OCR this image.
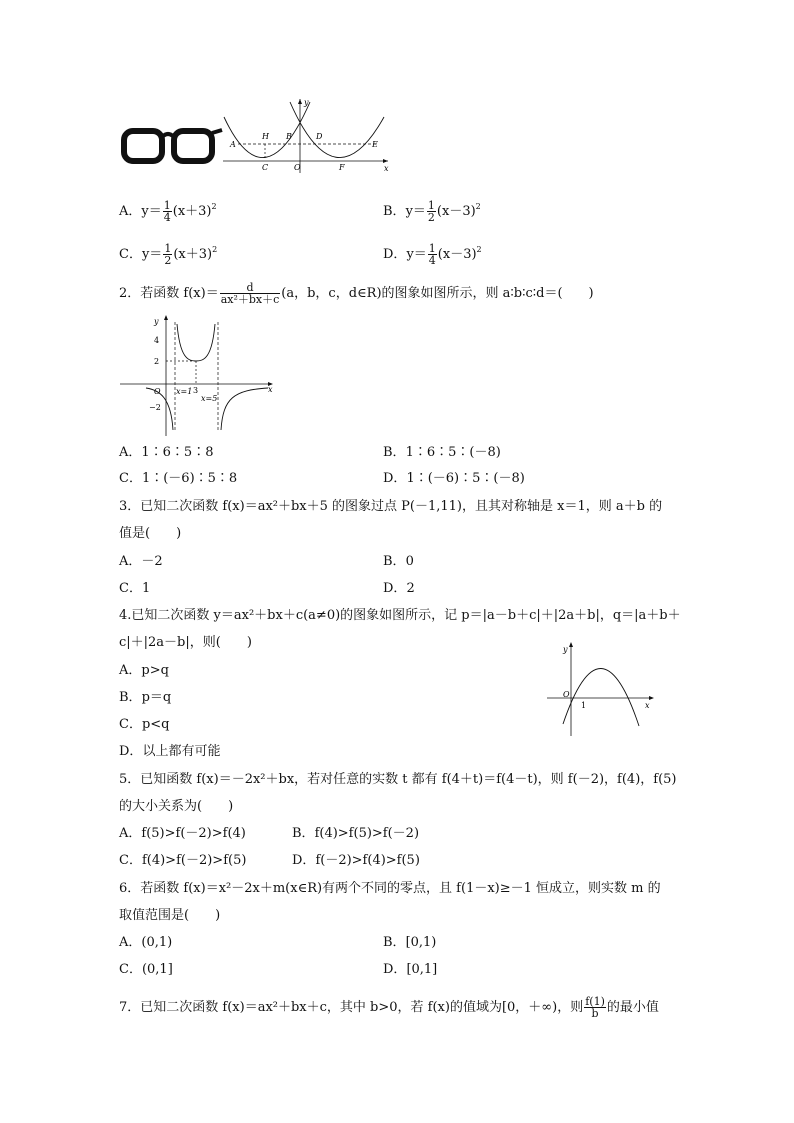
x
y
A
H B	D
E
C	O	F
A．$y= \frac{1}{4} (x+3)^2$	B．$y= \frac{1}{2} (x-3)^2$
C．$y= \frac{1}{2} (x+3)^2$	D．$y= \frac{1}{4} (x-3)^2$
2．若函数 $f(x)= \frac{d}{\text{ax²＋bx＋c}} (a$，b，c，d∈R)的图象如图所示，则 a∶b∶c∶d＝(　　)
x
y
O
4
2
−2
x=1 3
x=5
A．1∶6∶5∶8	B．1∶6∶5∶(－8)
C．1∶(－6)∶5∶8	D．1∶(－6)∶5∶(－8)
3．已知二次函数 f(x)＝ax²＋bx＋5 的图象过点 P(－1,11)，且其对称轴是 x＝1，则 a＋b 的
值是(　　)
A．－2	B．0
C．1	D．2
4.已知二次函数 y＝ax²＋bx＋c(a≠0)的图象如图所示，记 p＝|a－b＋c|＋|2a＋b|，q＝|a＋b＋
c|＋|2a－b|，则(　　)
A．p>q
B．p＝q
C．p<q
D．以上都有可能
x
y
O
1
5．已知函数 f(x)＝－2x²＋bx，若对任意的实数 t 都有 f(4＋t)＝f(4－t)，则 f(－2)，f(4)，f(5)
的大小关系为(　　)
A．f(5)>f(－2)>f(4)	B．f(4)>f(5)>f(－2)
C．f(4)>f(－2)>f(5)	D．f(－2)>f(4)>f(5)
6．若函数 f(x)＝x²－2x＋m(x∈R)有两个不同的零点，且 f(1－x)≥－1 恒成立，则实数 m 的
取值范围是(　　)
A．(0,1)	B．[0,1)
C．(0,1]	D．[0,1]
7．已知二次函数 f(x)＝ax²＋bx＋c，其中 b>0，若 f(x)的值域为[0，＋∞)，则 $\frac{f(1)}{b}$ 的最小值
